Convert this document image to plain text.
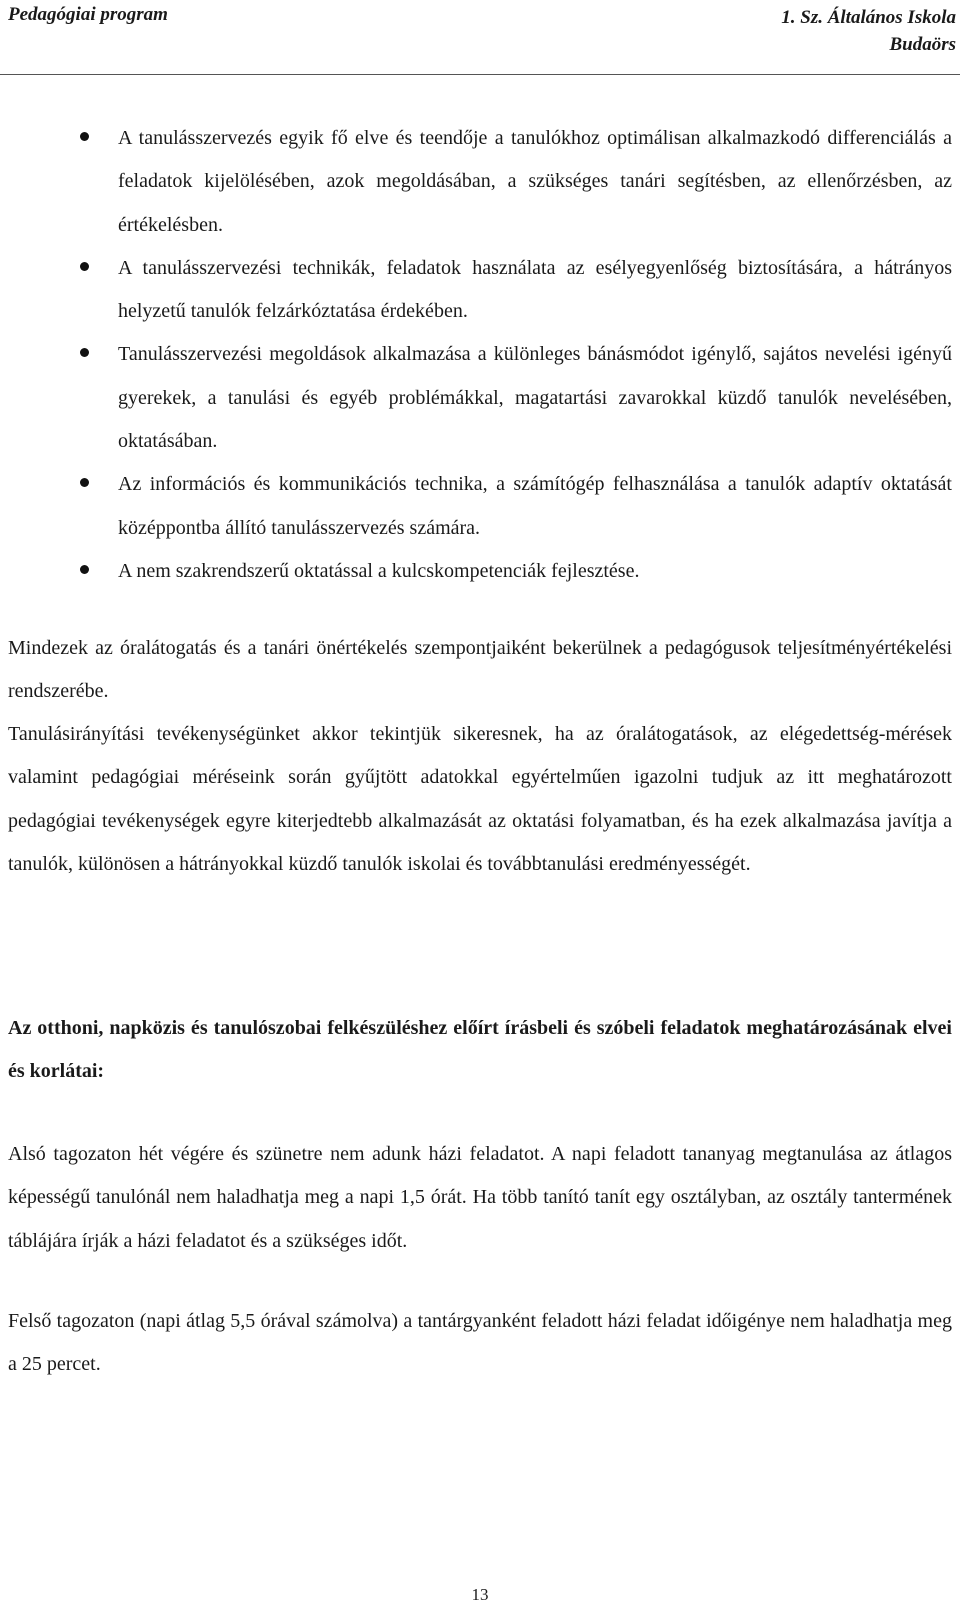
Pedagógiai program	1. Sz. Általános Iskola
Budaörs
A tanulásszervezés egyik fő elve és teendője a tanulókhoz optimálisan alkalmazkodó differenciálás a feladatok kijelölésében, azok megoldásában, a szükséges tanári segítésben, az ellenőrzésben, az értékelésben.
A tanulásszervezési technikák, feladatok használata az esélyegyenlőség biztosítására, a hátrányos helyzetű tanulók felzárkóztatása érdekében.
Tanulásszervezési megoldások alkalmazása a különleges bánásmódot igénylő, sajátos nevelési igényű gyerekek, a tanulási és egyéb problémákkal, magatartási zavarokkal küzdő tanulók nevelésében, oktatásában.
Az információs és kommunikációs technika, a számítógép felhasználása a tanulók adaptív oktatását középpontba állító tanulásszervezés számára.
A nem szakrendszerű oktatással a kulcskompetenciák fejlesztése.

Mindezek az óralátogatás és a tanári önértékelés szempontjaiként bekerülnek a pedagógusok teljesítményértékelési rendszerébe.

Tanulásirányítási tevékenységünket akkor tekintjük sikeresnek, ha az óralátogatások, az elégedettség-mérések valamint pedagógiai méréseink során gyűjtött adatokkal egyértelműen igazolni tudjuk az itt meghatározott pedagógiai tevékenységek egyre kiterjedtebb alkalmazását az oktatási folyamatban, és ha ezek alkalmazása javítja a tanulók, különösen a hátrányokkal küzdő tanulók iskolai és továbbtanulási eredményességét.

Az otthoni, napközis és tanulószobai felkészüléshez előírt írásbeli és szóbeli feladatok meghatározásának elvei és korlátai:

Alsó tagozaton hét végére és szünetre nem adunk házi feladatot. A napi feladott tananyag megtanulása az átlagos képességű tanulónál nem haladhatja meg a napi 1,5 órát. Ha több tanító tanít egy osztályban, az osztály tantermének táblájára írják a házi feladatot és a szükséges időt.

Felső tagozaton (napi átlag 5,5 órával számolva) a tantárgyanként feladott házi feladat időigénye nem haladhatja meg a 25 percet.

13
